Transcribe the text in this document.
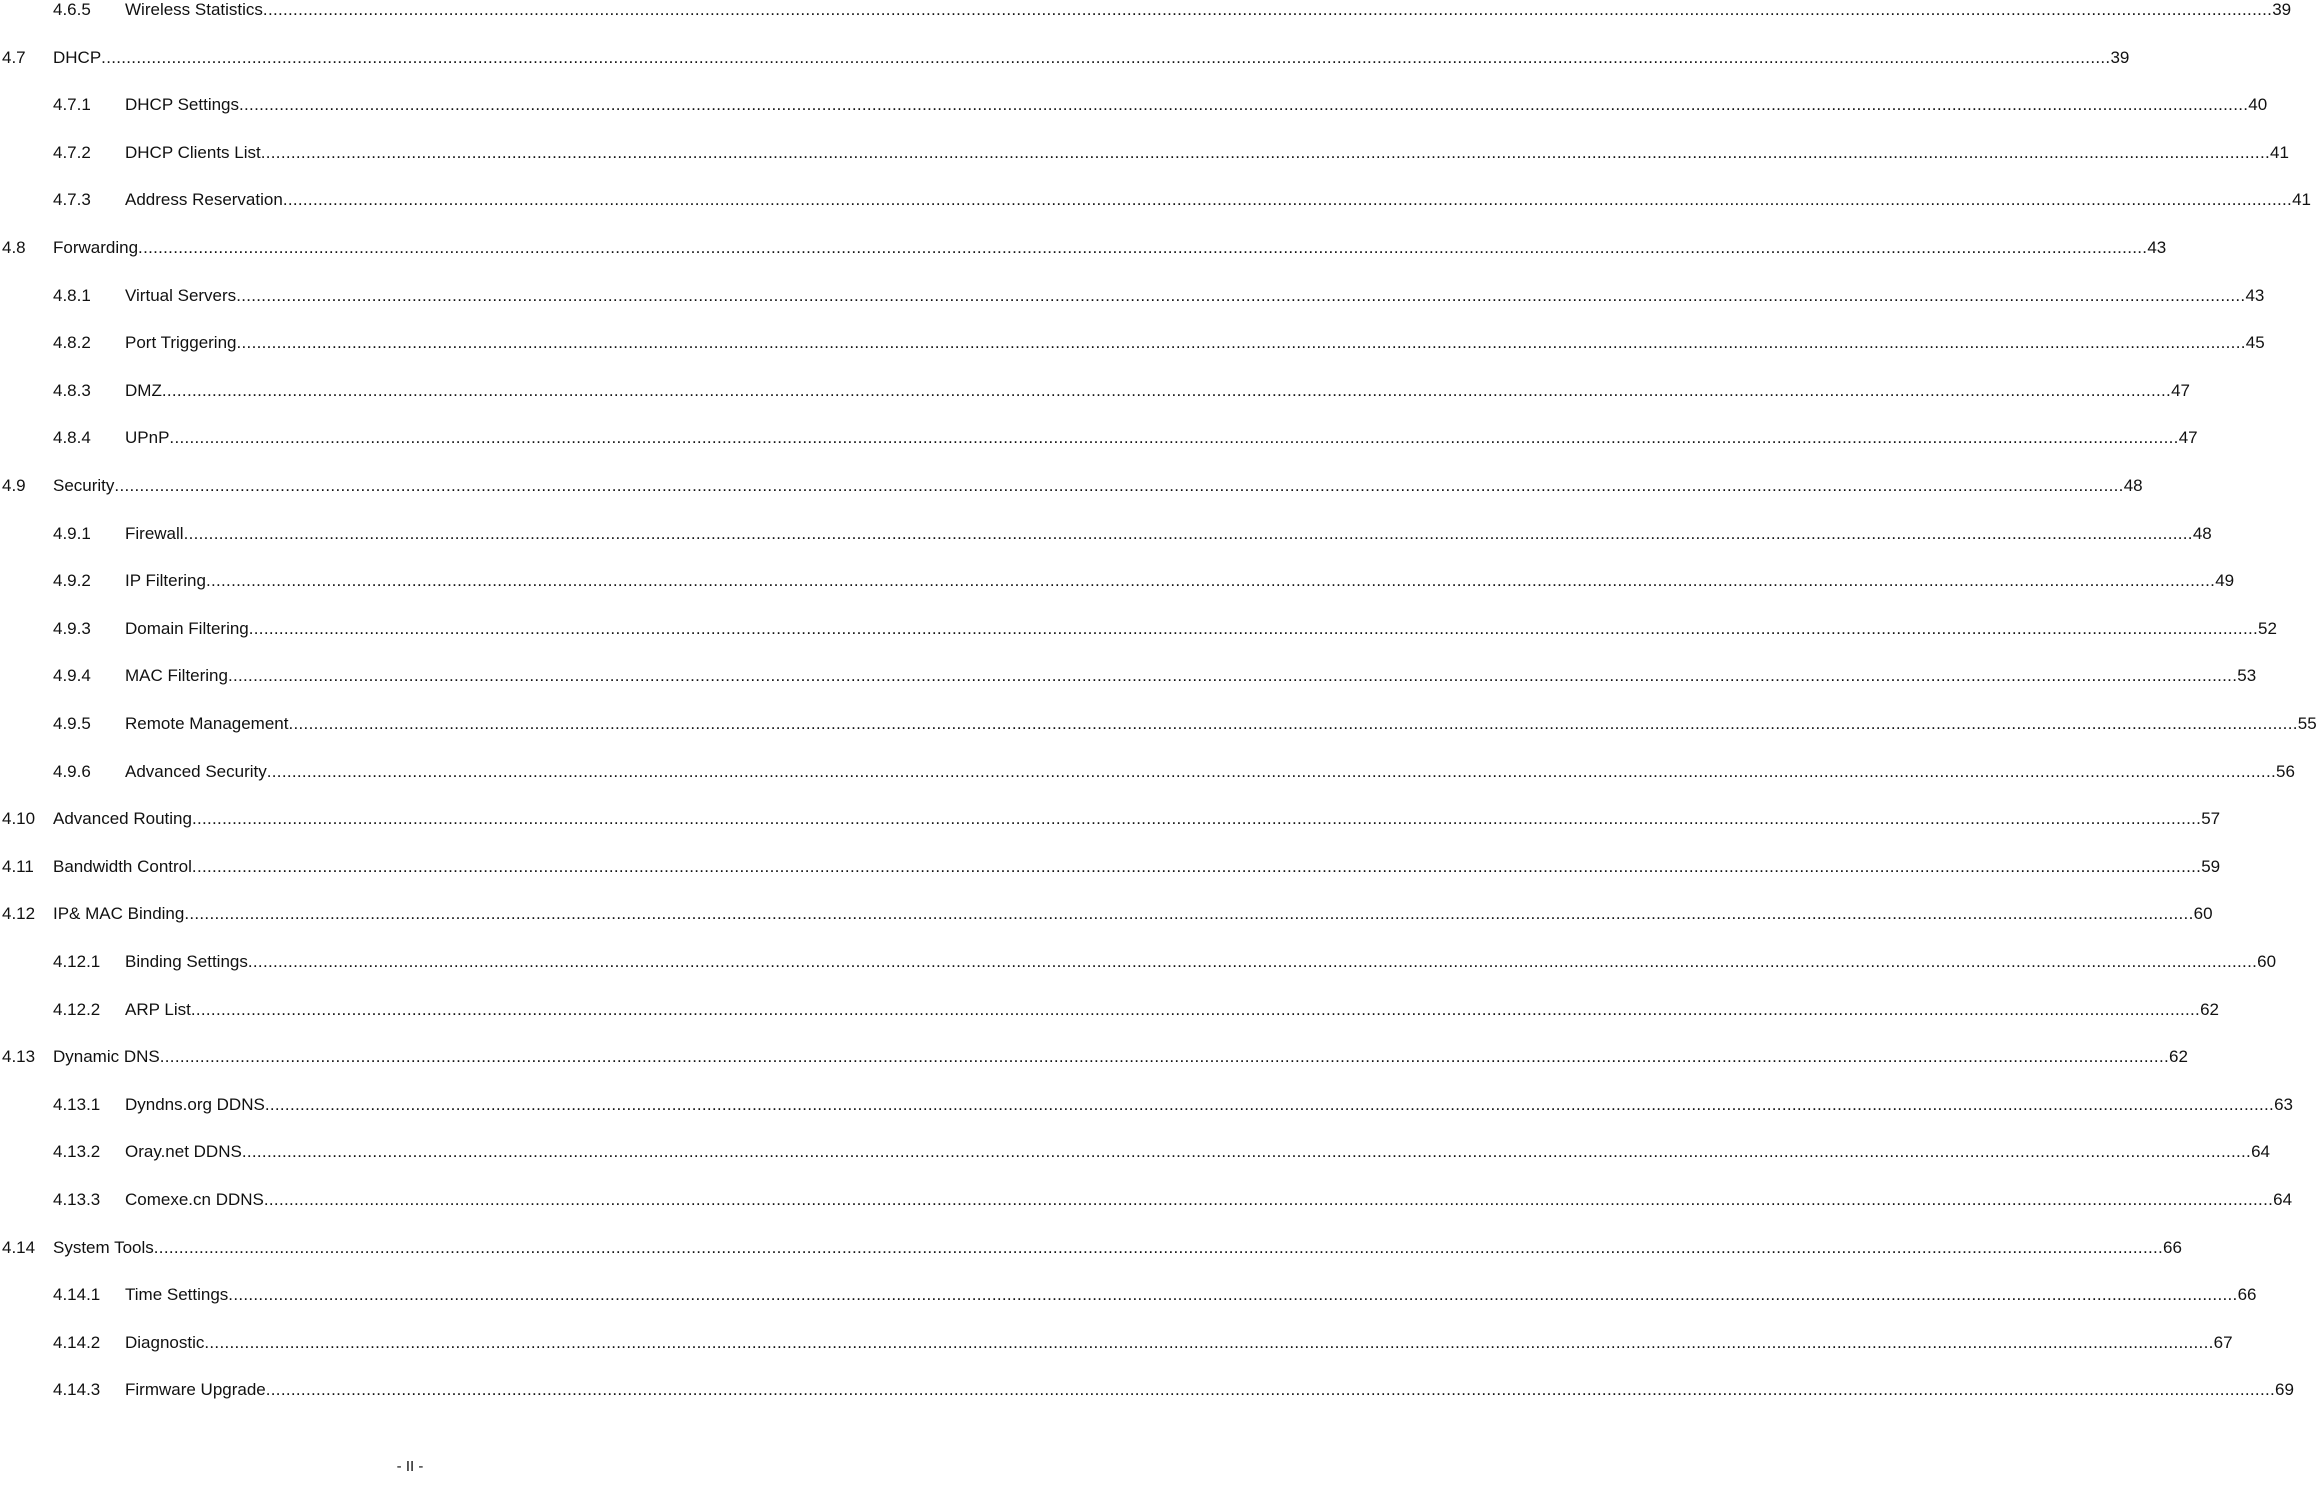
4.6.5 Wireless Statistics ................................................................................................................................................................................................................................................................................................................................................................................................................ 39
4.7 DHCP ................................................................................................................................................................................................................................................................................................................................................................................................................ 39
4.7.1 DHCP Settings ................................................................................................................................................................................................................................................................................................................................................................................................................ 40
4.7.2 DHCP Clients List ................................................................................................................................................................................................................................................................................................................................................................................................................ 41
4.7.3 Address Reservation ................................................................................................................................................................................................................................................................................................................................................................................................................ 41
4.8 Forwarding ................................................................................................................................................................................................................................................................................................................................................................................................................ 43
4.8.1 Virtual Servers ................................................................................................................................................................................................................................................................................................................................................................................................................ 43
4.8.2 Port Triggering ................................................................................................................................................................................................................................................................................................................................................................................................................ 45
4.8.3 DMZ ................................................................................................................................................................................................................................................................................................................................................................................................................ 47
4.8.4 UPnP ................................................................................................................................................................................................................................................................................................................................................................................................................ 47
4.9 Security ................................................................................................................................................................................................................................................................................................................................................................................................................ 48
4.9.1 Firewall ................................................................................................................................................................................................................................................................................................................................................................................................................ 48
4.9.2 IP Filtering ................................................................................................................................................................................................................................................................................................................................................................................................................ 49
4.9.3 Domain Filtering ................................................................................................................................................................................................................................................................................................................................................................................................................ 52
4.9.4 MAC Filtering ................................................................................................................................................................................................................................................................................................................................................................................................................ 53
4.9.5 Remote Management ................................................................................................................................................................................................................................................................................................................................................................................................................ 55
4.9.6 Advanced Security ................................................................................................................................................................................................................................................................................................................................................................................................................ 56
4.10 Advanced Routing ................................................................................................................................................................................................................................................................................................................................................................................................................ 57
4.11 Bandwidth Control ................................................................................................................................................................................................................................................................................................................................................................................................................ 59
4.12 IP& MAC Binding ................................................................................................................................................................................................................................................................................................................................................................................................................ 60
4.12.1 Binding Settings ................................................................................................................................................................................................................................................................................................................................................................................................................ 60
4.12.2 ARP List ................................................................................................................................................................................................................................................................................................................................................................................................................ 62
4.13 Dynamic DNS ................................................................................................................................................................................................................................................................................................................................................................................................................ 62
4.13.1 Dyndns.org DDNS ................................................................................................................................................................................................................................................................................................................................................................................................................ 63
4.13.2 Oray.net DDNS ................................................................................................................................................................................................................................................................................................................................................................................................................ 64
4.13.3 Comexe.cn DDNS ................................................................................................................................................................................................................................................................................................................................................................................................................ 64
4.14 System Tools ................................................................................................................................................................................................................................................................................................................................................................................................................ 66
4.14.1 Time Settings ................................................................................................................................................................................................................................................................................................................................................................................................................ 66
4.14.2 Diagnostic ................................................................................................................................................................................................................................................................................................................................................................................................................ 67
4.14.3 Firmware Upgrade ................................................................................................................................................................................................................................................................................................................................................................................................................ 69
- II -
